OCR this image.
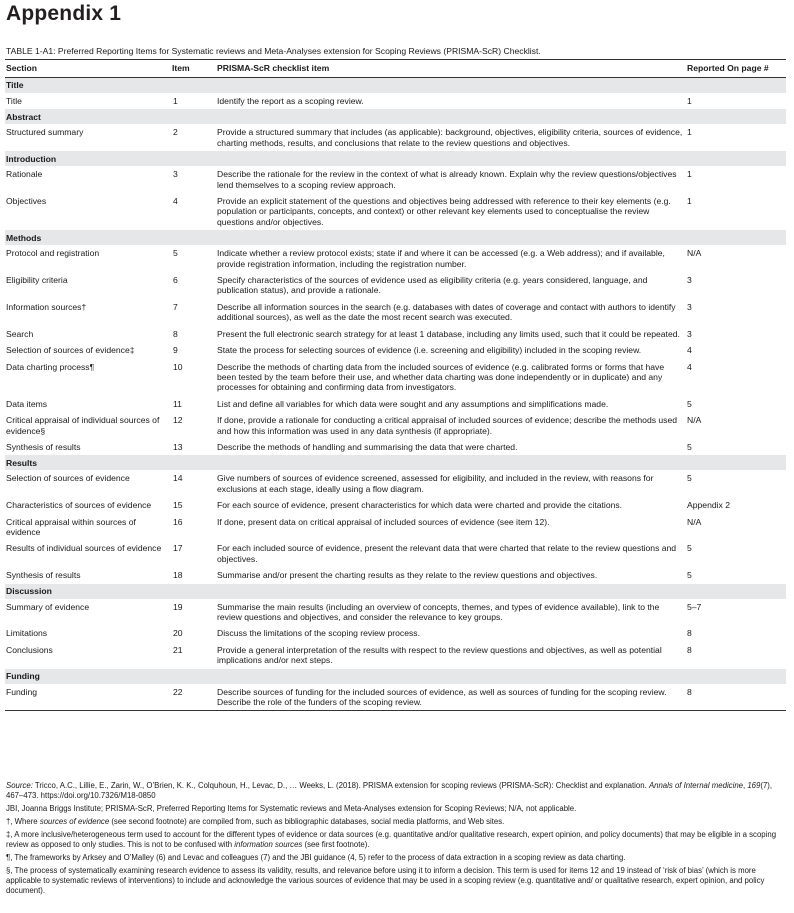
Appendix 1
TABLE 1-A1: Preferred Reporting Items for Systematic reviews and Meta-Analyses extension for Scoping Reviews (PRISMA-ScR) Checklist.
Section	Item	PRISMA-ScR checklist item	Reported On page #
Title			
Title	1	Identify the report as a scoping review.	1
Abstract			
Structured summary	2	Provide a structured summary that includes (as applicable): background, objectives, eligibility criteria, sources of evidence, charting methods, results, and conclusions that relate to the review questions and objectives.	1
Introduction			
Rationale	3	Describe the rationale for the review in the context of what is already known. Explain why the review questions/objectives lend themselves to a scoping review approach.	1
Objectives	4	Provide an explicit statement of the questions and objectives being addressed with reference to their key elements (e.g. population or participants, concepts, and context) or other relevant key elements used to conceptualise the review questions and/or objectives.	1
Methods			
Protocol and registration	5	Indicate whether a review protocol exists; state if and where it can be accessed (e.g. a Web address); and if available, provide registration information, including the registration number.	N/A
Eligibility criteria	6	Specify characteristics of the sources of evidence used as eligibility criteria (e.g. years considered, language, and publication status), and provide a rationale.	3
Information sources†	7	Describe all information sources in the search (e.g. databases with dates of coverage and contact with authors to identify additional sources), as well as the date the most recent search was executed.	3
Search	8	Present the full electronic search strategy for at least 1 database, including any limits used, such that it could be repeated.	3
Selection of sources of evidence‡	9	State the process for selecting sources of evidence (i.e. screening and eligibility) included in the scoping review.	4
Data charting process¶	10	Describe the methods of charting data from the included sources of evidence (e.g. calibrated forms or forms that have been tested by the team before their use, and whether data charting was done independently or in duplicate) and any processes for obtaining and confirming data from investigators.	4
Data items	11	List and define all variables for which data were sought and any assumptions and simplifications made.	5
Critical appraisal of individual sources of evidence§	12	If done, provide a rationale for conducting a critical appraisal of included sources of evidence; describe the methods used and how this information was used in any data synthesis (if appropriate).	N/A
Synthesis of results	13	Describe the methods of handling and summarising the data that were charted.	5
Results			
Selection of sources of evidence	14	Give numbers of sources of evidence screened, assessed for eligibility, and included in the review, with reasons for exclusions at each stage, ideally using a flow diagram.	5
Characteristics of sources of evidence	15	For each source of evidence, present characteristics for which data were charted and provide the citations.	Appendix 2
Critical appraisal within sources of evidence	16	If done, present data on critical appraisal of included sources of evidence (see item 12).	N/A
Results of individual sources of evidence	17	For each included source of evidence, present the relevant data that were charted that relate to the review questions and objectives.	5
Synthesis of results	18	Summarise and/or present the charting results as they relate to the review questions and objectives.	5
Discussion			
Summary of evidence	19	Summarise the main results (including an overview of concepts, themes, and types of evidence available), link to the review questions and objectives, and consider the relevance to key groups.	5–7
Limitations	20	Discuss the limitations of the scoping review process.	8
Conclusions	21	Provide a general interpretation of the results with respect to the review questions and objectives, as well as potential implications and/or next steps.	8
Funding			
Funding	22	Describe sources of funding for the included sources of evidence, as well as sources of funding for the scoping review. Describe the role of the funders of the scoping review.	8

Source: Tricco, A.C., Lillie, E., Zarin, W., O’Brien, K. K., Colquhoun, H., Levac, D., … Weeks, L. (2018). PRISMA extension for scoping reviews (PRISMA-ScR): Checklist and explanation. Annals of Internal medicine, 169(7), 467–473. https://doi.org/10.7326/M18-0850

JBI, Joanna Briggs Institute; PRISMA-ScR, Preferred Reporting Items for Systematic reviews and Meta-Analyses extension for Scoping Reviews; N/A, not applicable.

†, Where sources of evidence (see second footnote) are compiled from, such as bibliographic databases, social media platforms, and Web sites.

‡, A more inclusive/heterogeneous term used to account for the different types of evidence or data sources (e.g. quantitative and/or qualitative research, expert opinion, and policy documents) that may be eligible in a scoping review as opposed to only studies. This is not to be confused with information sources (see first footnote).

¶, The frameworks by Arksey and O’Malley (6) and Levac and colleagues (7) and the JBI guidance (4, 5) refer to the process of data extraction in a scoping review as data charting.

§, The process of systematically examining research evidence to assess its validity, results, and relevance before using it to inform a decision. This term is used for items 12 and 19 instead of ‘risk of bias’ (which is more applicable to systematic reviews of interventions) to include and acknowledge the various sources of evidence that may be used in a scoping review (e.g. quantitative and/ or qualitative research, expert opinion, and policy document).
